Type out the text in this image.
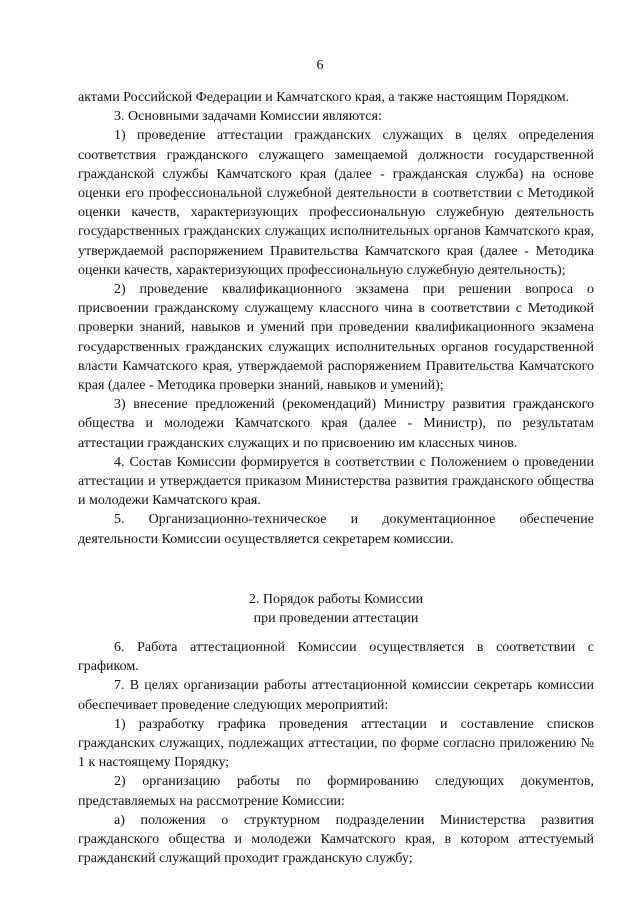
6

актами Российской Федерации и Камчатского края, а также настоящим Порядком.

3. Основными задачами Комиссии являются:

1) проведение аттестации гражданских служащих в целях определения соответствия гражданского служащего замещаемой должности государственной гражданской службы Камчатского края (далее - гражданская служба) на основе оценки его профессиональной служебной деятельности в соответствии с Методикой оценки качеств, характеризующих профессиональную служебную деятельность государственных гражданских служащих исполнительных органов Камчатского края, утверждаемой распоряжением Правительства Камчатского края (далее - Методика оценки качеств, характеризующих профессиональную служебную деятельность);

2) проведение квалификационного экзамена при решении вопроса о присвоении гражданскому служащему классного чина в соответствии с Методикой проверки знаний, навыков и умений при проведении квалификационного экзамена государственных гражданских служащих исполнительных органов государственной власти Камчатского края, утверждаемой распоряжением Правительства Камчатского края (далее - Методика проверки знаний, навыков и умений);

3) внесение предложений (рекомендаций) Министру развития гражданского общества и молодежи Камчатского края (далее - Министр), по результатам аттестации гражданских служащих и по присвоению им классных чинов.

4. Состав Комиссии формируется в соответствии с Положением о проведении аттестации и утверждается приказом Министерства развития гражданского общества и молодежи Камчатского края.

5. Организационно-техническое и документационное обеспечение деятельности Комиссии осуществляется секретарем комиссии.

2. Порядок работы Комиссии
при проведении аттестации

6. Работа аттестационной Комиссии осуществляется в соответствии с графиком.

7. В целях организации работы аттестационной комиссии секретарь комиссии обеспечивает проведение следующих мероприятий:

1) разработку графика проведения аттестации и составление списков гражданских служащих, подлежащих аттестации, по форме согласно приложению № 1 к настоящему Порядку;

2) организацию работы по формированию следующих документов, представляемых на рассмотрение Комиссии:

а) положения о структурном подразделении Министерства развития гражданского общества и молодежи Камчатского края, в котором аттестуемый гражданский служащий проходит гражданскую службу;
